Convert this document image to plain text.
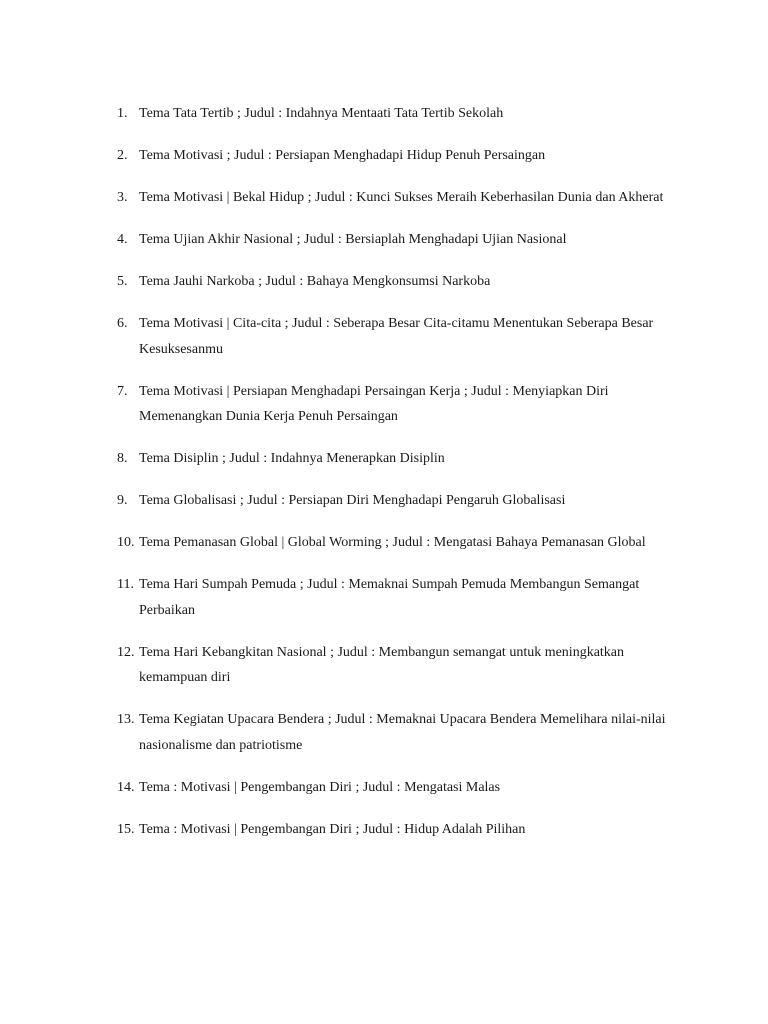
1. Tema Tata Tertib ; Judul : Indahnya Mentaati Tata Tertib Sekolah
2. Tema Motivasi ; Judul : Persiapan Menghadapi Hidup Penuh Persaingan
3. Tema Motivasi | Bekal Hidup ; Judul : Kunci Sukses Meraih Keberhasilan Dunia dan Akherat
4. Tema Ujian Akhir Nasional ; Judul : Bersiaplah Menghadapi Ujian Nasional
5. Tema Jauhi Narkoba ; Judul : Bahaya Mengkonsumsi Narkoba
6. Tema Motivasi | Cita-cita ; Judul : Seberapa Besar Cita-citamu Menentukan Seberapa Besar Kesuksesanmu
7. Tema Motivasi | Persiapan Menghadapi Persaingan Kerja ; Judul : Menyiapkan Diri Memenangkan Dunia Kerja Penuh Persaingan
8. Tema Disiplin ; Judul : Indahnya Menerapkan Disiplin
9. Tema Globalisasi ; Judul : Persiapan Diri Menghadapi Pengaruh Globalisasi
10. Tema Pemanasan Global | Global Worming ; Judul : Mengatasi Bahaya Pemanasan Global
11. Tema Hari Sumpah Pemuda ; Judul : Memaknai Sumpah Pemuda Membangun Semangat Perbaikan
12. Tema Hari Kebangkitan Nasional ; Judul : Membangun semangat untuk meningkatkan kemampuan diri
13. Tema Kegiatan Upacara Bendera ; Judul : Memaknai Upacara Bendera Memelihara nilai-nilai nasionalisme dan patriotisme
14. Tema : Motivasi | Pengembangan Diri ; Judul : Mengatasi Malas
15. Tema : Motivasi | Pengembangan Diri ; Judul : Hidup Adalah Pilihan
